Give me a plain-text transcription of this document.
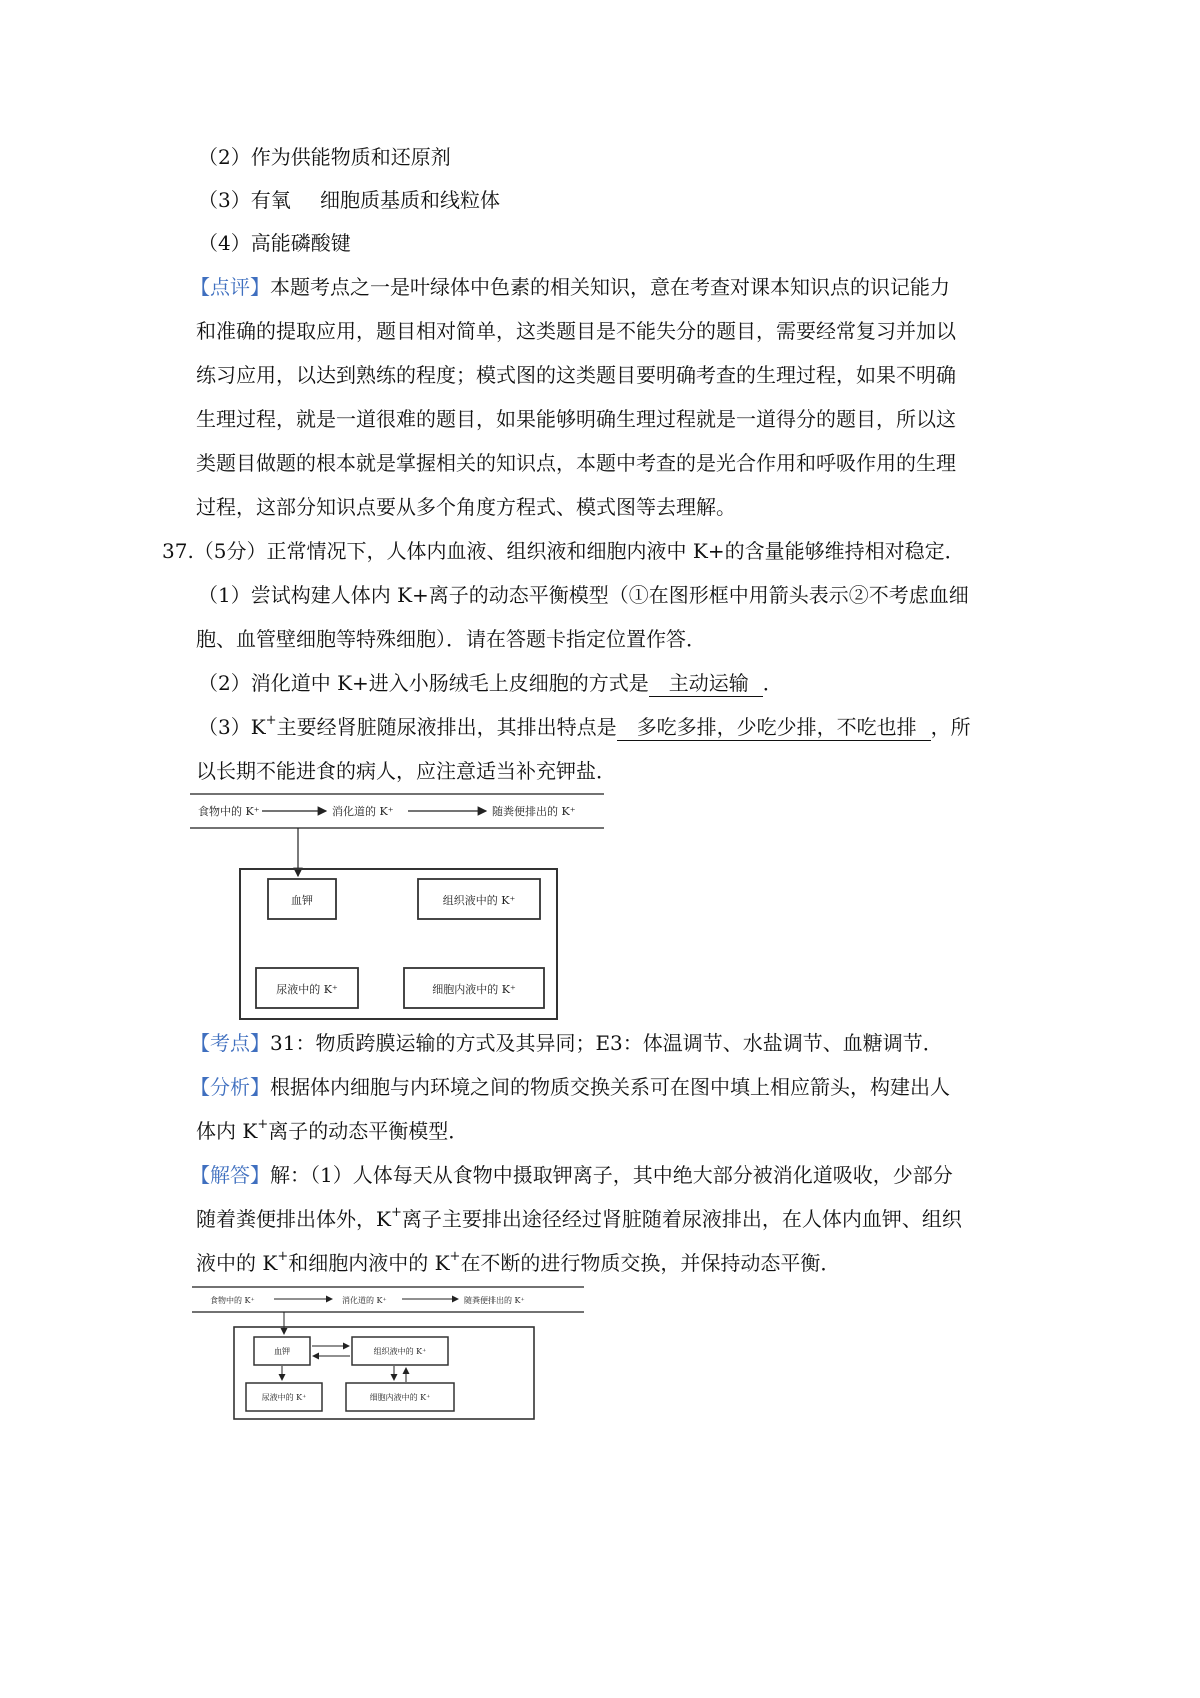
（2）作为供能物质和还原剂
（3）有氧 细胞质基质和线粒体
（4）高能磷酸键
【点评】本题考点之一是叶绿体中色素的相关知识，意在考查对课本知识点的识记能力
和准确的提取应用，题目相对简单，这类题目是不能失分的题目，需要经常复习并加以
练习应用，以达到熟练的程度；模式图的这类题目要明确考查的生理过程，如果不明确
生理过程，就是一道很难的题目，如果能够明确生理过程就是一道得分的题目，所以这
类题目做题的根本就是掌握相关的知识点，本题中考查的是光合作用和呼吸作用的生理
过程，这部分知识点要从多个角度方程式、模式图等去理解。
37.（5分）正常情况下，人体内血液、组织液和细胞内液中 K+的含量能够维持相对稳定．
（1）尝试构建人体内 K+离子的动态平衡模型（①在图形框中用箭头表示②不考虑血细
胞、血管壁细胞等特殊细胞）．请在答题卡指定位置作答．
（2）消化道中 K+进入小肠绒毛上皮细胞的方式是 主动运输 ．
（3）K+主要经肾脏随尿液排出，其排出特点是 多吃多排，少吃少排，不吃也排 ，所
以长期不能进食的病人，应注意适当补充钾盐．
食物中的 K⁺	消化道的 K⁺	随粪便排出的 K⁺
血钾	组织液中的 K⁺
尿液中的 K⁺	细胞内液中的 K⁺
【考点】31：物质跨膜运输的方式及其异同；E3：体温调节、水盐调节、血糖调节．
【分析】根据体内细胞与内环境之间的物质交换关系可在图中填上相应箭头，构建出人
体内 K+离子的动态平衡模型．
【解答】解：（1）人体每天从食物中摄取钾离子，其中绝大部分被消化道吸收，少部分
随着粪便排出体外，K+离子主要排出途径经过肾脏随着尿液排出，在人体内血钾、组织
液中的 K+和细胞内液中的 K+在不断的进行物质交换，并保持动态平衡．
食物中的 K⁺	消化道的 K⁺	随粪便排出的 K⁺
血钾	组织液中的 K⁺
尿液中的 K⁺	细胞内液中的 K⁺
